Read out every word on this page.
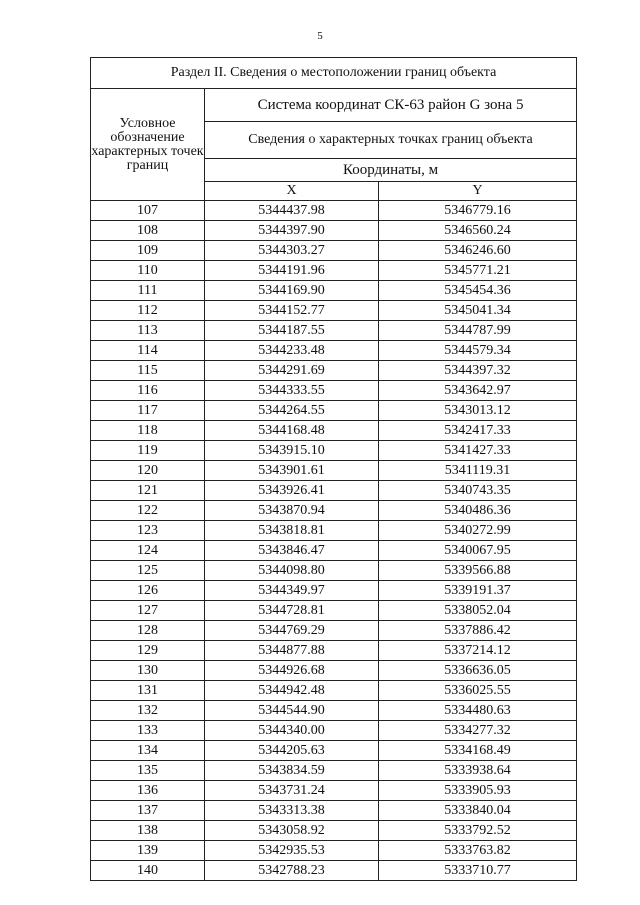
5
Раздел II. Сведения о местоположении границ объекта		
Условное обозначение характерных точек границ	Система координат СК-63 район G зона 5	
	Сведения о характерных точках границ объекта	
	Координаты, м	
	X	Y
107	5344437.98	5346779.16
108	5344397.90	5346560.24
109	5344303.27	5346246.60
110	5344191.96	5345771.21
111	5344169.90	5345454.36
112	5344152.77	5345041.34
113	5344187.55	5344787.99
114	5344233.48	5344579.34
115	5344291.69	5344397.32
116	5344333.55	5343642.97
117	5344264.55	5343013.12
118	5344168.48	5342417.33
119	5343915.10	5341427.33
120	5343901.61	5341119.31
121	5343926.41	5340743.35
122	5343870.94	5340486.36
123	5343818.81	5340272.99
124	5343846.47	5340067.95
125	5344098.80	5339566.88
126	5344349.97	5339191.37
127	5344728.81	5338052.04
128	5344769.29	5337886.42
129	5344877.88	5337214.12
130	5344926.68	5336636.05
131	5344942.48	5336025.55
132	5344544.90	5334480.63
133	5344340.00	5334277.32
134	5344205.63	5334168.49
135	5343834.59	5333938.64
136	5343731.24	5333905.93
137	5343313.38	5333840.04
138	5343058.92	5333792.52
139	5342935.53	5333763.82
140	5342788.23	5333710.77
